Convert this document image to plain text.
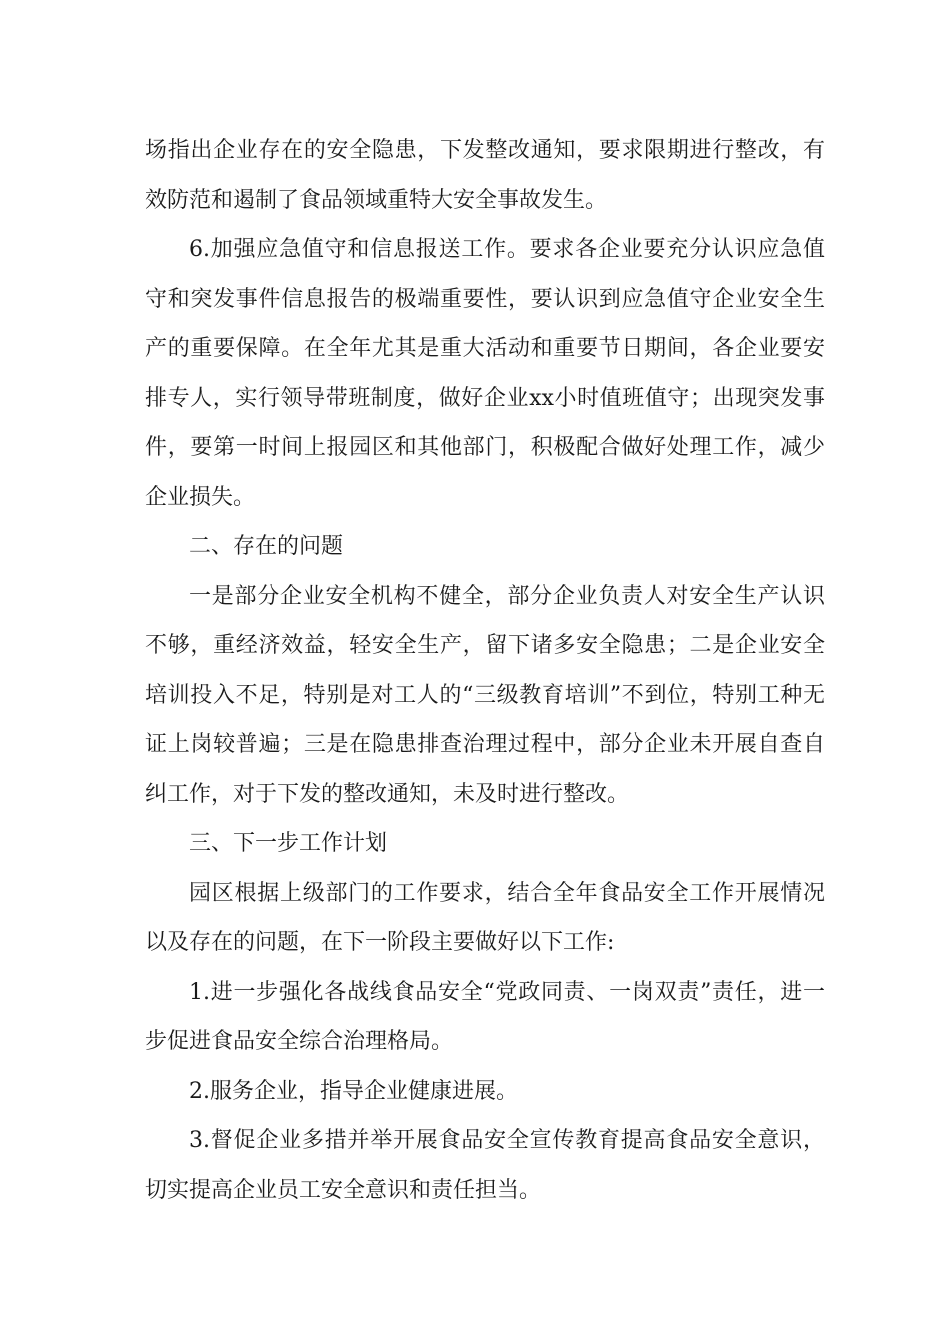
场指出企业存在的安全隐患，下发整改通知，要求限期进行整改，有效防范和遏制了食品领域重特大安全事故发生。

6.加强应急值守和信息报送工作。要求各企业要充分认识应急值守和突发事件信息报告的极端重要性，要认识到应急值守企业安全生产的重要保障。在全年尤其是重大活动和重要节日期间，各企业要安排专人，实行领导带班制度，做好企业xx小时值班值守；出现突发事件，要第一时间上报园区和其他部门，积极配合做好处理工作，减少企业损失。

二、存在的问题

一是部分企业安全机构不健全，部分企业负责人对安全生产认识不够，重经济效益，轻安全生产，留下诸多安全隐患；二是企业安全培训投入不足，特别是对工人的“三级教育培训”不到位，特别工种无证上岗较普遍；三是在隐患排查治理过程中，部分企业未开展自查自纠工作，对于下发的整改通知，未及时进行整改。

三、下一步工作计划

园区根据上级部门的工作要求，结合全年食品安全工作开展情况以及存在的问题，在下一阶段主要做好以下工作:

1.进一步强化各战线食品安全“党政同责、一岗双责”责任，进一步促进食品安全综合治理格局。

2.服务企业，指导企业健康进展。

3.督促企业多措并举开展食品安全宣传教育提高食品安全意识，切实提高企业员工安全意识和责任担当。
